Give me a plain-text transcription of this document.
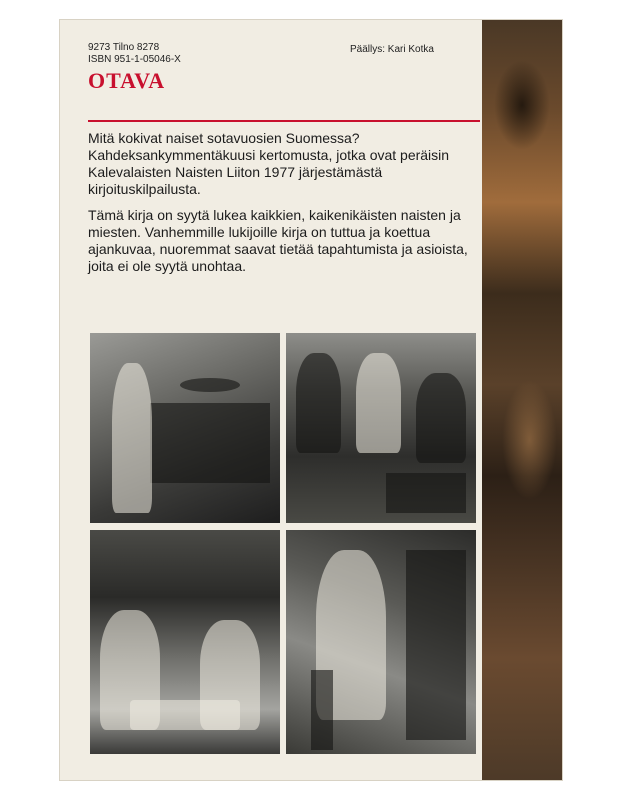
9273 Tilno 8278
ISBN 951-1-05046-X
Päällys: Kari Kotka
OTAVA

Mitä kokivat naiset sotavuosien Suomessa? Kahdeksankymmentäkuusi kertomusta, jotka ovat peräisin Kalevalaisten Naisten Liiton 1977 järjestämästä kirjoituskilpailusta.

Tämä kirja on syytä lukea kaikkien, kaikenikäisten naisten ja miesten. Vanhemmille lukijoille kirja on tuttua ja koettua ajankuvaa, nuoremmat saavat tietää tapahtumista ja asioista, joita ei ole syytä unohtaa.
